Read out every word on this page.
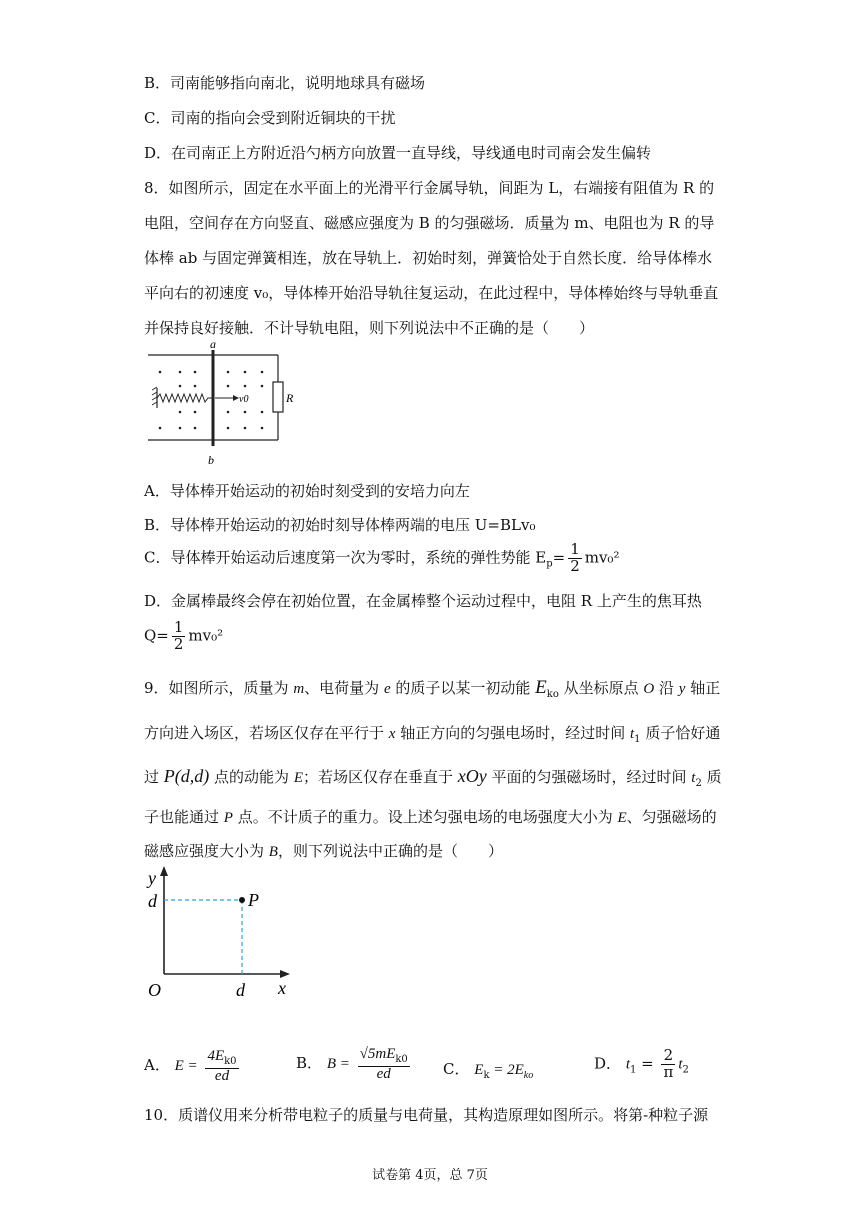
B．司南能够指向南北，说明地球具有磁场
C．司南的指向会受到附近铜块的干扰
D．在司南正上方附近沿勺柄方向放置一直导线，导线通电时司南会发生偏转
8．如图所示，固定在水平面上的光滑平行金属导轨，间距为 L，右端接有阻值为 R 的
电阻，空间存在方向竖直、磁感应强度为 B 的匀强磁场．质量为 m、电阻也为 R 的导
体棒 ab 与固定弹簧相连，放在导轨上．初始时刻，弹簧恰处于自然长度．给导体棒水
平向右的初速度 v₀，导体棒开始沿导轨往复运动，在此过程中，导体棒始终与导轨垂直
并保持良好接触．不计导轨电阻，则下列说法中不正确的是（　　）
a
b
v0	R
A．导体棒开始运动的初始时刻受到的安培力向左
B．导体棒开始运动的初始时刻导体棒两端的电压 U=BLv₀
C．导体棒开始运动后速度第一次为零时，系统的弹性势能 $E_p= \frac{1}{2} mv_0^2$
D．金属棒最终会停在初始位置，在金属棒整个运动过程中，电阻 R 上产生的焦耳热
$Q= \frac{1}{2} mv_0^2$
9．如图所示，质量为 m、电荷量为 e 的质子以某一初动能 $E_{ko}$ 从坐标原点 O 沿 y 轴正
方向进入场区，若场区仅存在平行于 x 轴正方向的匀强电场时，经过时间 $t_1$ 质子恰好通
过 P(d,d) 点的动能为 E；若场区仅存在垂直于 xOy 平面的匀强磁场时，经过时间 $t_2$ 质
子也能通过 P 点。不计质子的重力。设上述匀强电场的电场强度大小为 E、匀强磁场的
磁感应强度大小为 B，则下列说法中正确的是（　　）
y
x
O
d
d
P
A． $E = \frac{4E_{k0}}{ed}$	B． $B = \frac{√5mE_{k0}}{ed}$ C． $E_k = 2E_{ko}$
D． $t_1 = \frac{2}{\pi} t_2$
10．质谱仪用来分析带电粒子的质量与电荷量，其构造原理如图所示。将第-种粒子源
试卷第 4页，总 7页
